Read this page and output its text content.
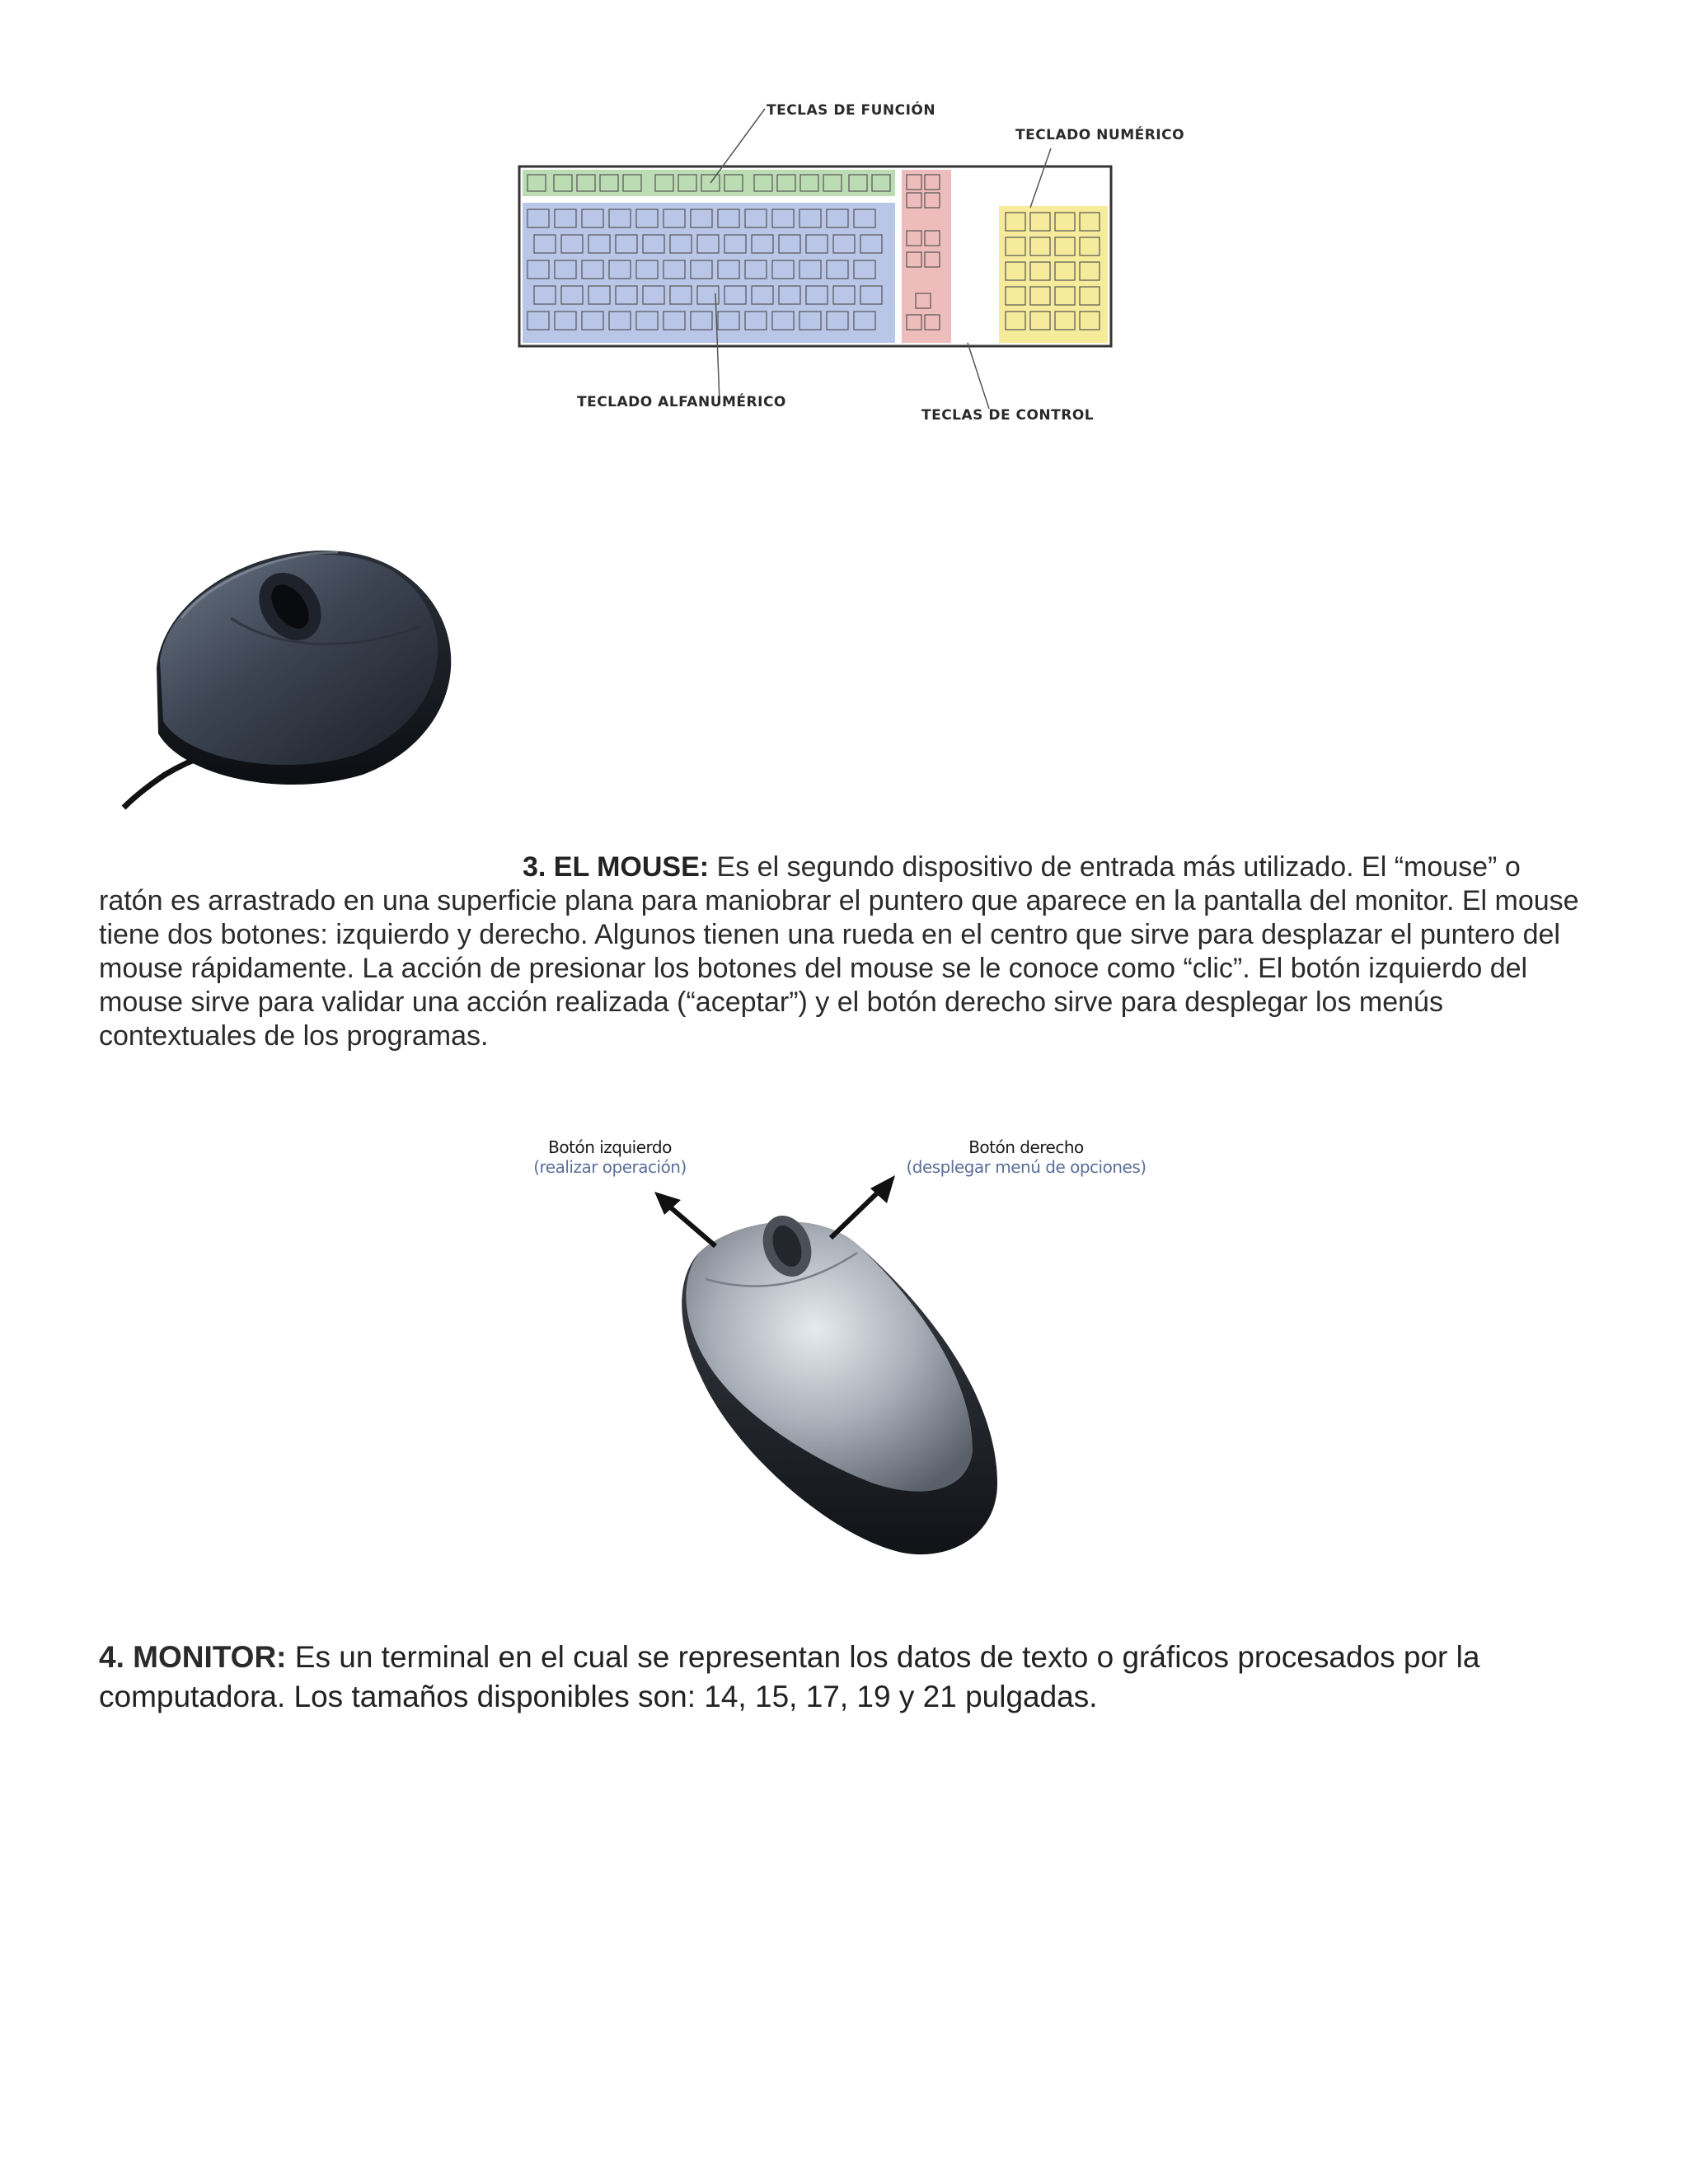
TECLAS DE FUNCIÓN
TECLADO NUMÉRICO
TECLADO ALFANUMÉRICO
TECLAS DE CONTROL
3. EL MOUSE: Es el segundo dispositivo de entrada más utilizado. El “mouse” o ratón es arrastrado en una superficie plana para maniobrar el puntero que aparece en la pantalla del monitor. El mouse tiene dos botones: izquierdo y derecho. Algunos tienen una rueda en el centro que sirve para desplazar el puntero del mouse rápidamente. La acción de presionar los botones del mouse se le conoce como “clic”. El botón izquierdo del mouse sirve para validar una acción realizada (“aceptar”) y el botón derecho sirve para desplegar los menús contextuales de los programas.
Botón izquierdo
(realizar operación)
Botón derecho
(desplegar menú de opciones)
4. MONITOR: Es un terminal en el cual se representan los datos de texto o gráficos procesados por la computadora. Los tamaños disponibles son: 14, 15, 17, 19 y 21 pulgadas.
